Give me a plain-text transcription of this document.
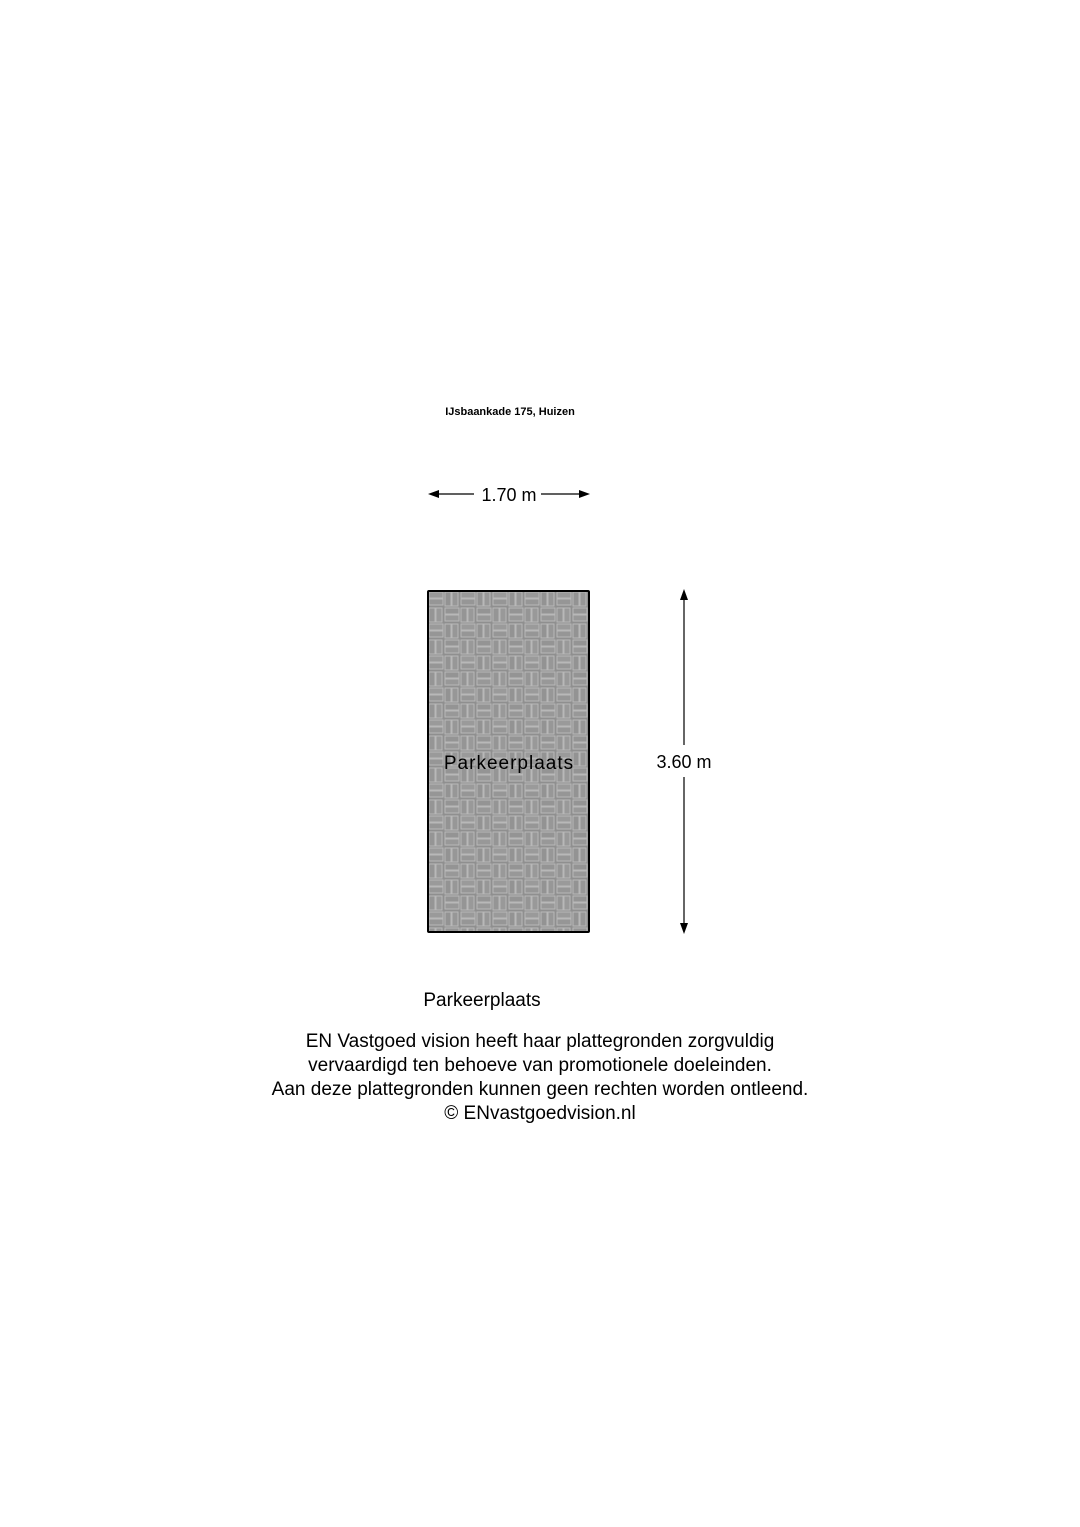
IJsbaankade 175, Huizen
1.70 m
Parkeerplaats	3.60 m
Parkeerplaats
EN Vastgoed vision heeft haar plattegronden zorgvuldig
vervaardigd ten behoeve van promotionele doeleinden.
Aan deze plattegronden kunnen geen rechten worden ontleend.
© ENvastgoedvision.nl
